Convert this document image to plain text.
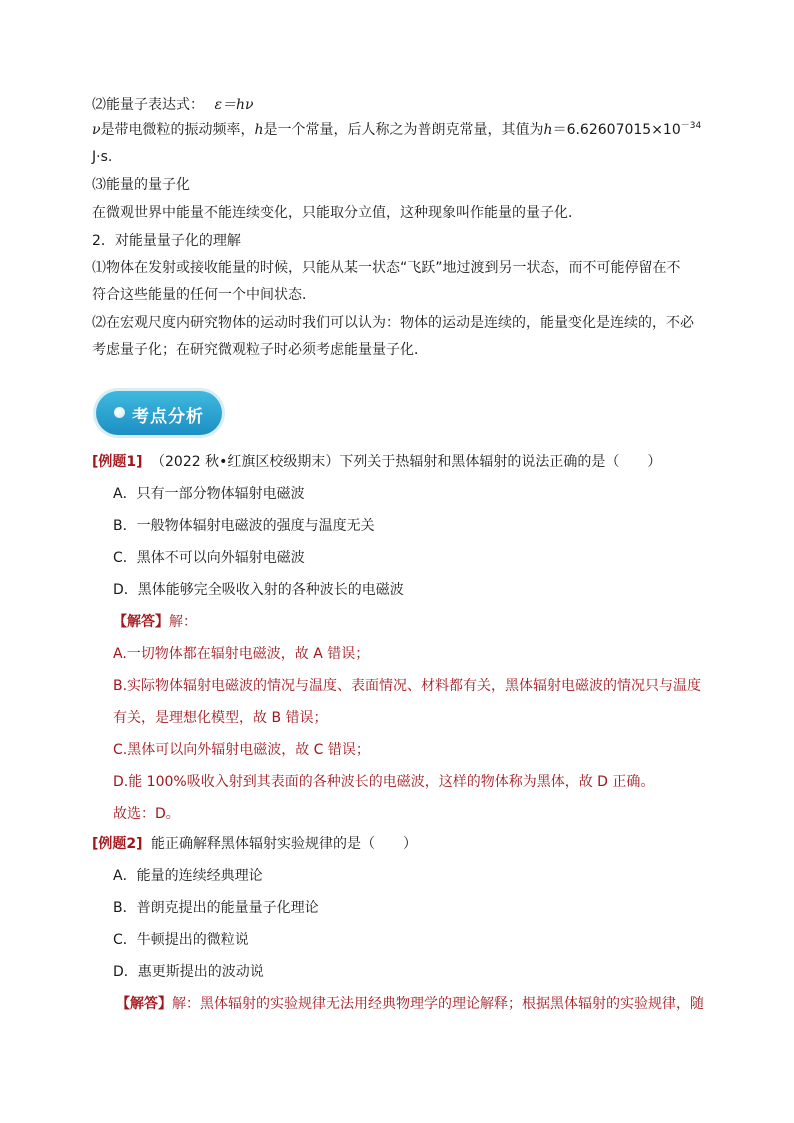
⑵能量子表达式： ε＝hν
ν是带电微粒的振动频率，h是一个常量，后人称之为普朗克常量，其值为$h=6.62607015\times 10^{-34}$
J·s.
⑶能量的量子化
在微观世界中能量不能连续变化，只能取分立值，这种现象叫作能量的量子化．
2．对能量量子化的理解
⑴物体在发射或接收能量的时候，只能从某一状态“飞跃”地过渡到另一状态，而不可能停留在不
符合这些能量的任何一个中间状态．
⑵在宏观尺度内研究物体的运动时我们可以认为：物体的运动是连续的，能量变化是连续的，不必
考虑量子化；在研究微观粒子时必须考虑能量量子化．
考点分析
[例题1] （2022 秋•红旗区校级期末）下列关于热辐射和黑体辐射的说法正确的是（　　）
A．只有一部分物体辐射电磁波
B．一般物体辐射电磁波的强度与温度无关
C．黑体不可以向外辐射电磁波
D．黑体能够完全吸收入射的各种波长的电磁波
【解答】解：
A.一切物体都在辐射电磁波，故 A 错误；
B.实际物体辐射电磁波的情况与温度、表面情况、材料都有关，黑体辐射电磁波的情况只与温度
有关，是理想化模型，故 B 错误；
C.黑体可以向外辐射电磁波，故 C 错误；
D.能 100%吸收入射到其表面的各种波长的电磁波，这样的物体称为黑体，故 D 正确。
故选：D。
[例题2] 能正确解释黑体辐射实验规律的是（　　）
A．能量的连续经典理论
B．普朗克提出的能量量子化理论
C．牛顿提出的微粒说
D．惠更斯提出的波动说
【解答】解：黑体辐射的实验规律无法用经典物理学的理论解释；根据黑体辐射的实验规律，随
